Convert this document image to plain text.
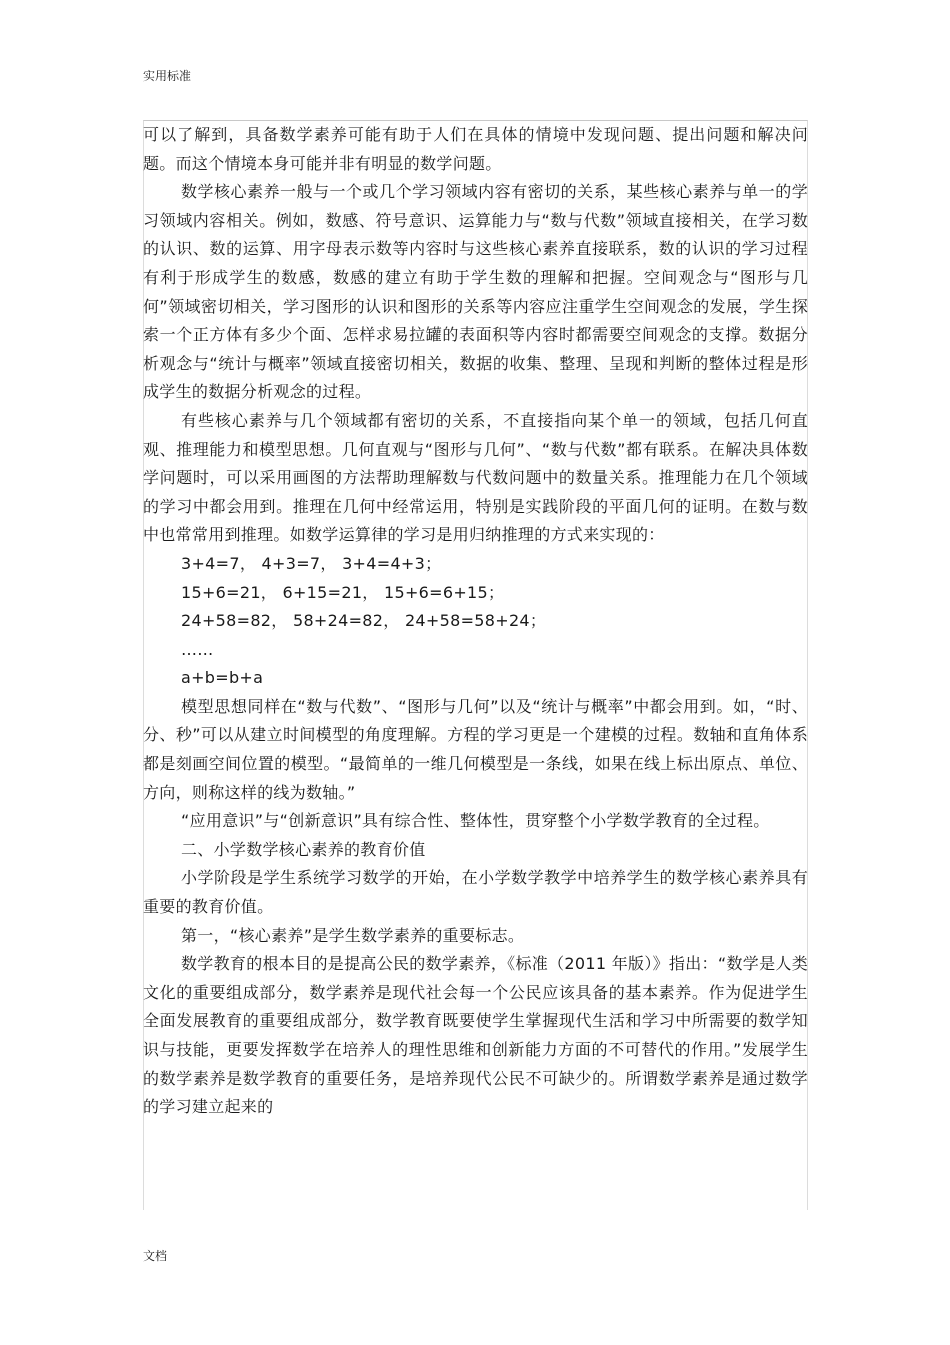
实用标准

可以了解到，具备数学素养可能有助于人们在具体的情境中发现问题、提出问题和解决问题。而这个情境本身可能并非有明显的数学问题。

数学核心素养一般与一个或几个学习领域内容有密切的关系，某些核心素养与单一的学习领域内容相关。例如，数感、符号意识、运算能力与“数与代数”领域直接相关，在学习数的认识、数的运算、用字母表示数等内容时与这些核心素养直接联系，数的认识的学习过程有利于形成学生的数感，数感的建立有助于学生数的理解和把握。空间观念与“图形与几何”领域密切相关，学习图形的认识和图形的关系等内容应注重学生空间观念的发展，学生探索一个正方体有多少个面、怎样求易拉罐的表面积等内容时都需要空间观念的支撑。数据分析观念与“统计与概率”领域直接密切相关，数据的收集、整理、呈现和判断的整体过程是形成学生的数据分析观念的过程。

有些核心素养与几个领域都有密切的关系，不直接指向某个单一的领域，包括几何直观、推理能力和模型思想。几何直观与“图形与几何”、“数与代数”都有联系。在解决具体数学问题时，可以采用画图的方法帮助理解数与代数问题中的数量关系。推理能力在几个领域的学习中都会用到。推理在几何中经常运用，特别是实践阶段的平面几何的证明。在数与数中也常常用到推理。如数学运算律的学习是用归纳推理的方式来实现的：

3+4=7， 4+3=7， 3+4=4+3；

15+6=21， 6+15=21， 15+6=6+15；

24+58=82， 58+24=82， 24+58=58+24；

……

a+b=b+a

模型思想同样在“数与代数”、“图形与几何”以及“统计与概率”中都会用到。如，“时、分、秒”可以从建立时间模型的角度理解。方程的学习更是一个建模的过程。数轴和直角体系都是刻画空间位置的模型。“最简单的一维几何模型是一条线，如果在线上标出原点、单位、方向，则称这样的线为数轴。”

“应用意识”与“创新意识”具有综合性、整体性，贯穿整个小学数学教育的全过程。

二、小学数学核心素养的教育价值

小学阶段是学生系统学习数学的开始，在小学数学教学中培养学生的数学核心素养具有重要的教育价值。

第一，“核心素养”是学生数学素养的重要标志。

数学教育的根本目的是提高公民的数学素养，《标准（2011 年版）》指出：“数学是人类文化的重要组成部分，数学素养是现代社会每一个公民应该具备的基本素养。作为促进学生全面发展教育的重要组成部分，数学教育既要使学生掌握现代生活和学习中所需要的数学知识与技能，更要发挥数学在培养人的理性思维和创新能力方面的不可替代的作用。”发展学生的数学素养是数学教育的重要任务，是培养现代公民不可缺少的。所谓数学素养是通过数学的学习建立起来的

文档
